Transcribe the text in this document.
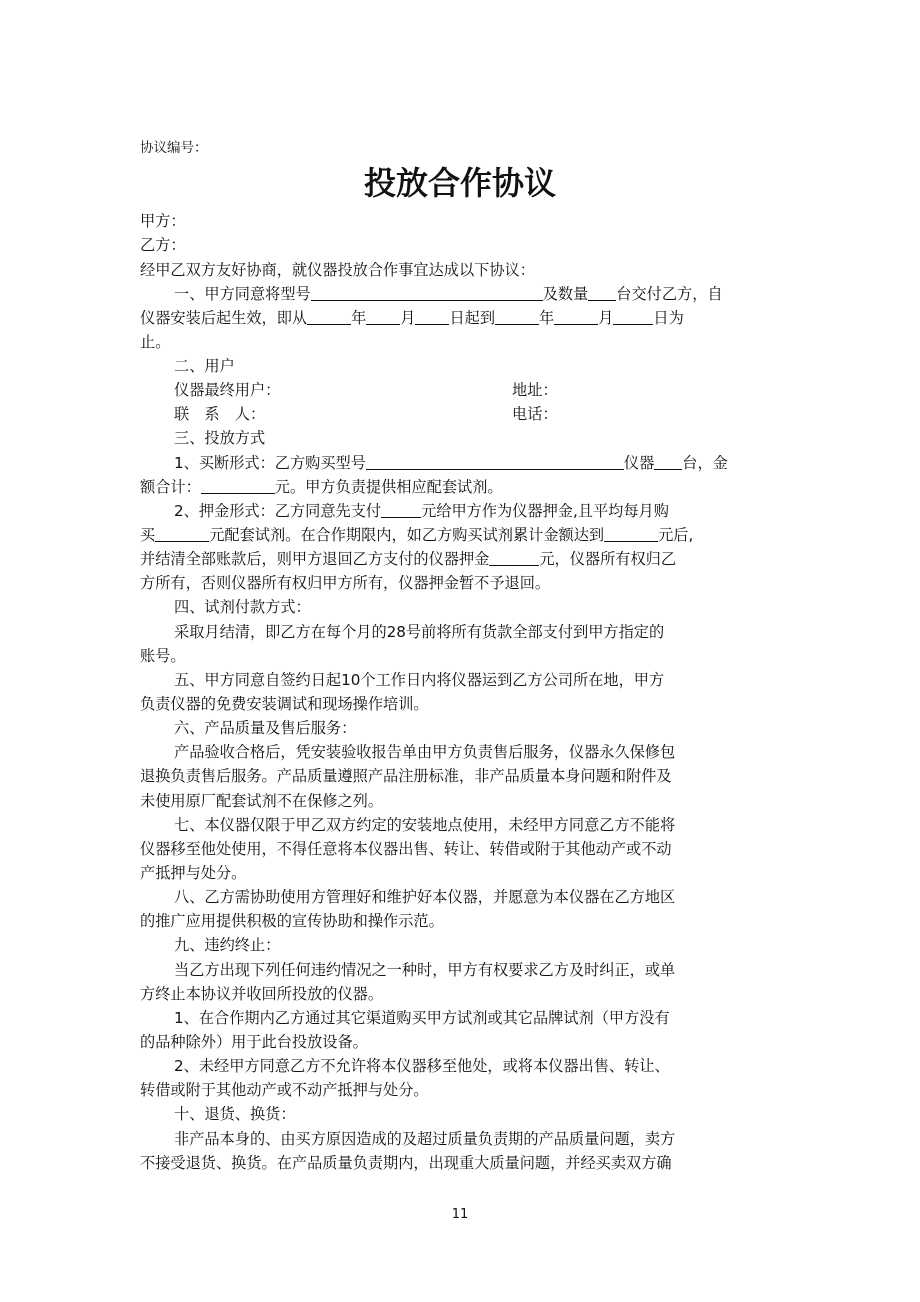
协议编号：
投放合作协议
甲方：
乙方：
经甲乙双方友好协商，就仪器投放合作事宜达成以下协议：
一、甲方同意将型号	及数量 台交付乙方，自
仪器安装后起生效，即从	年 月 日起到	年	月	日为
止。
二、用户
仪器最终用户：	地址：
联　系　人：	电话：
三、投放方式
1、买断形式：乙方购买型号	仪器 台，金
额合计：	元。甲方负责提供相应配套试剂。
2、押金形式：乙方同意先支付	元给甲方作为仪器押金,且平均每月购
买	元配套试剂。在合作期限内，如乙方购买试剂累计金额达到	元后,
并结清全部账款后，则甲方退回乙方支付的仪器押金	元，仪器所有权归乙
方所有，否则仪器所有权归甲方所有，仪器押金暂不予退回。
四、试剂付款方式：
采取月结清，即乙方在每个月的28号前将所有货款全部支付到甲方指定的
账号。
五、甲方同意自签约日起10个工作日内将仪器运到乙方公司所在地，甲方
负责仪器的免费安装调试和现场操作培训。
六、产品质量及售后服务：
产品验收合格后，凭安装验收报告单由甲方负责售后服务，仪器永久保修包
退换负责售后服务。产品质量遵照产品注册标准，非产品质量本身问题和附件及
未使用原厂配套试剂不在保修之列。
七、本仪器仅限于甲乙双方约定的安装地点使用，未经甲方同意乙方不能将
仪器移至他处使用，不得任意将本仪器出售、转让、转借或附于其他动产或不动
产抵押与处分。
八、乙方需协助使用方管理好和维护好本仪器，并愿意为本仪器在乙方地区
的推广应用提供积极的宣传协助和操作示范。
九、违约终止：
当乙方出现下列任何违约情况之一种时，甲方有权要求乙方及时纠正，或单
方终止本协议并收回所投放的仪器。
1、在合作期内乙方通过其它渠道购买甲方试剂或其它品牌试剂（甲方没有
的品种除外）用于此台投放设备。
2、未经甲方同意乙方不允许将本仪器移至他处，或将本仪器出售、转让、
转借或附于其他动产或不动产抵押与处分。
十、退货、换货：
非产品本身的、由买方原因造成的及超过质量负责期的产品质量问题，卖方
不接受退货、换货。在产品质量负责期内，出现重大质量问题，并经买卖双方确
11
